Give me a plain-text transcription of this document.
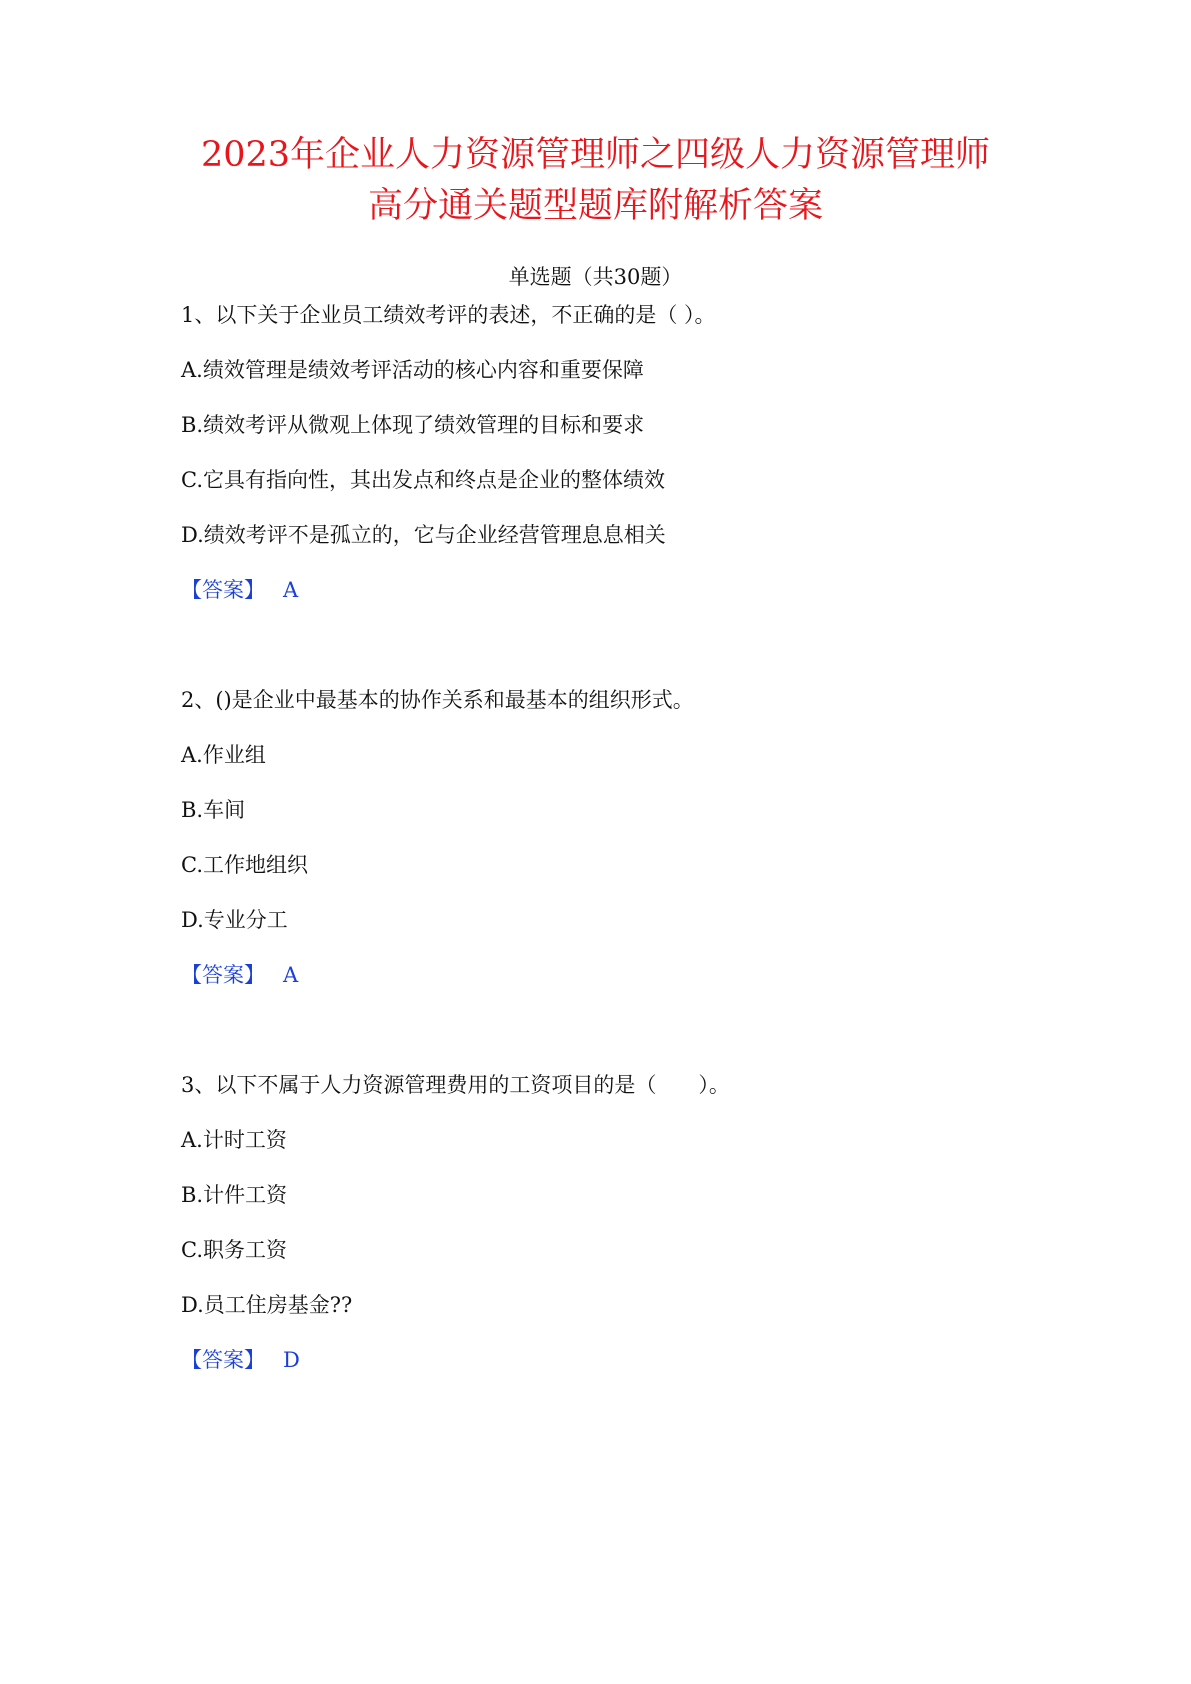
2023年企业人力资源管理师之四级人力资源管理师
高分通关题型题库附解析答案
单选题（共30题）
1、以下关于企业员工绩效考评的表述，不正确的是（ ）。
A.绩效管理是绩效考评活动的核心内容和重要保障
B.绩效考评从微观上体现了绩效管理的目标和要求
C.它具有指向性，其出发点和终点是企业的整体绩效
D.绩效考评不是孤立的，它与企业经营管理息息相关
【答案】 A
2、()是企业中最基本的协作关系和最基本的组织形式。
A.作业组
B.车间
C.工作地组织
D.专业分工
【答案】 A
3、以下不属于人力资源管理费用的工资项目的是（　　）。
A.计时工资
B.计件工资
C.职务工资
D.员工住房基金??
【答案】 D
